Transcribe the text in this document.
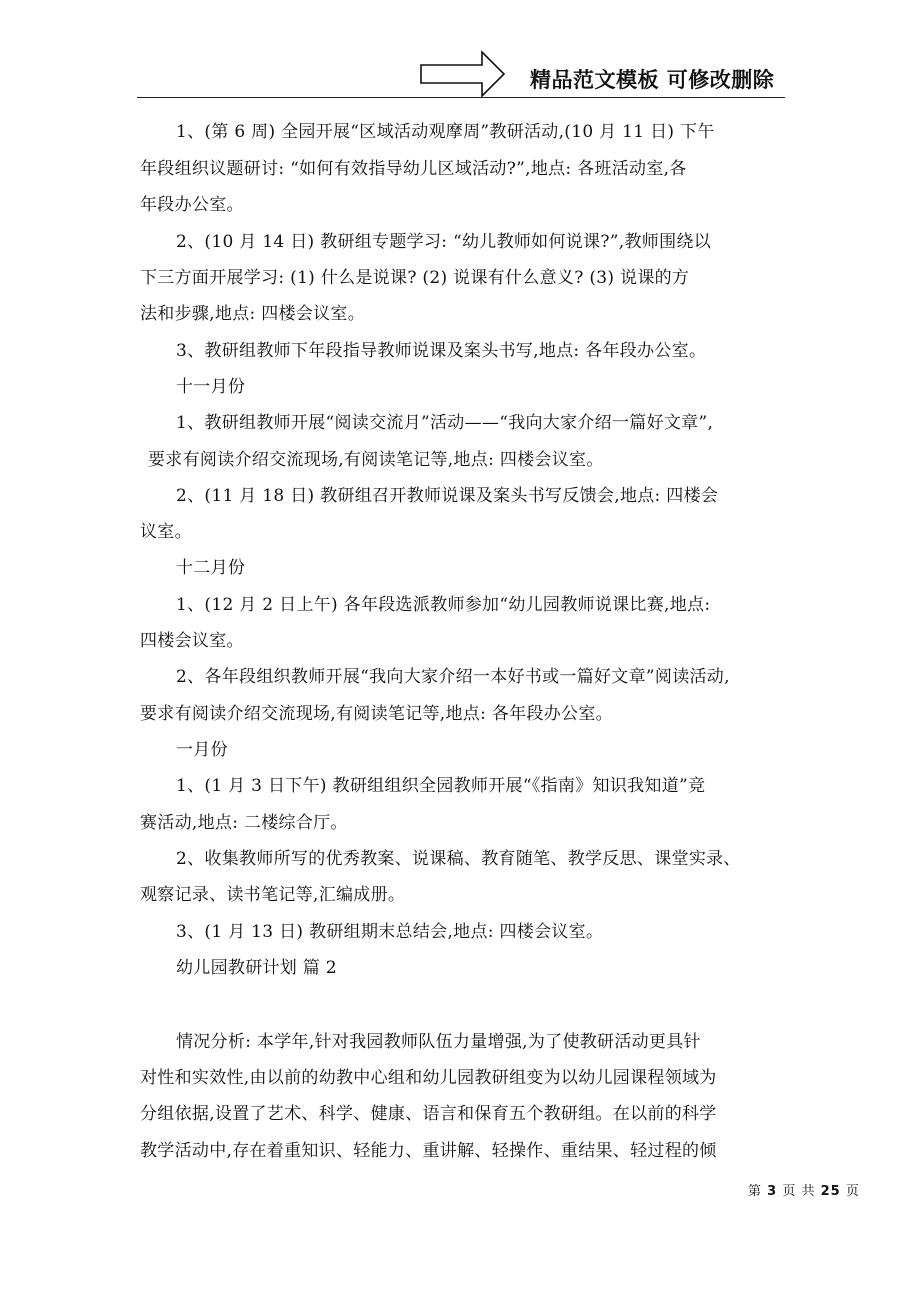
精品范文模板 可修改删除
1、(第 6 周) 全园开展“区域活动观摩周”教研活动,(10 月 11 日) 下午
年段组织议题研讨: “如何有效指导幼儿区域活动?”,地点: 各班活动室,各
年段办公室。
2、(10 月 14 日) 教研组专题学习: “幼儿教师如何说课?”,教师围绕以
下三方面开展学习: (1) 什么是说课? (2) 说课有什么意义? (3) 说课的方
法和步骤,地点: 四楼会议室。
3、教研组教师下年段指导教师说课及案头书写,地点: 各年段办公室。
十一月份
1、教研组教师开展“阅读交流月”活动——“我向大家介绍一篇好文章”,
要求有阅读介绍交流现场,有阅读笔记等,地点: 四楼会议室。
2、(11 月 18 日) 教研组召开教师说课及案头书写反馈会,地点: 四楼会
议室。
十二月份
1、(12 月 2 日上午) 各年段选派教师参加“幼儿园教师说课比赛,地点:
四楼会议室。
2、各年段组织教师开展“我向大家介绍一本好书或一篇好文章”阅读活动,
要求有阅读介绍交流现场,有阅读笔记等,地点: 各年段办公室。
一月份
1、(1 月 3 日下午) 教研组组织全园教师开展“《指南》知识我知道”竞
赛活动,地点: 二楼综合厅。
2、收集教师所写的优秀教案、说课稿、教育随笔、教学反思、课堂实录、
观察记录、读书笔记等,汇编成册。
3、(1 月 13 日) 教研组期末总结会,地点: 四楼会议室。
幼儿园教研计划 篇 2
情况分析: 本学年,针对我园教师队伍力量增强,为了使教研活动更具针
对性和实效性,由以前的幼教中心组和幼儿园教研组变为以幼儿园课程领域为
分组依据,设置了艺术、科学、健康、语言和保育五个教研组。在以前的科学
教学活动中,存在着重知识、轻能力、重讲解、轻操作、重结果、轻过程的倾
第 3 页 共 25 页
